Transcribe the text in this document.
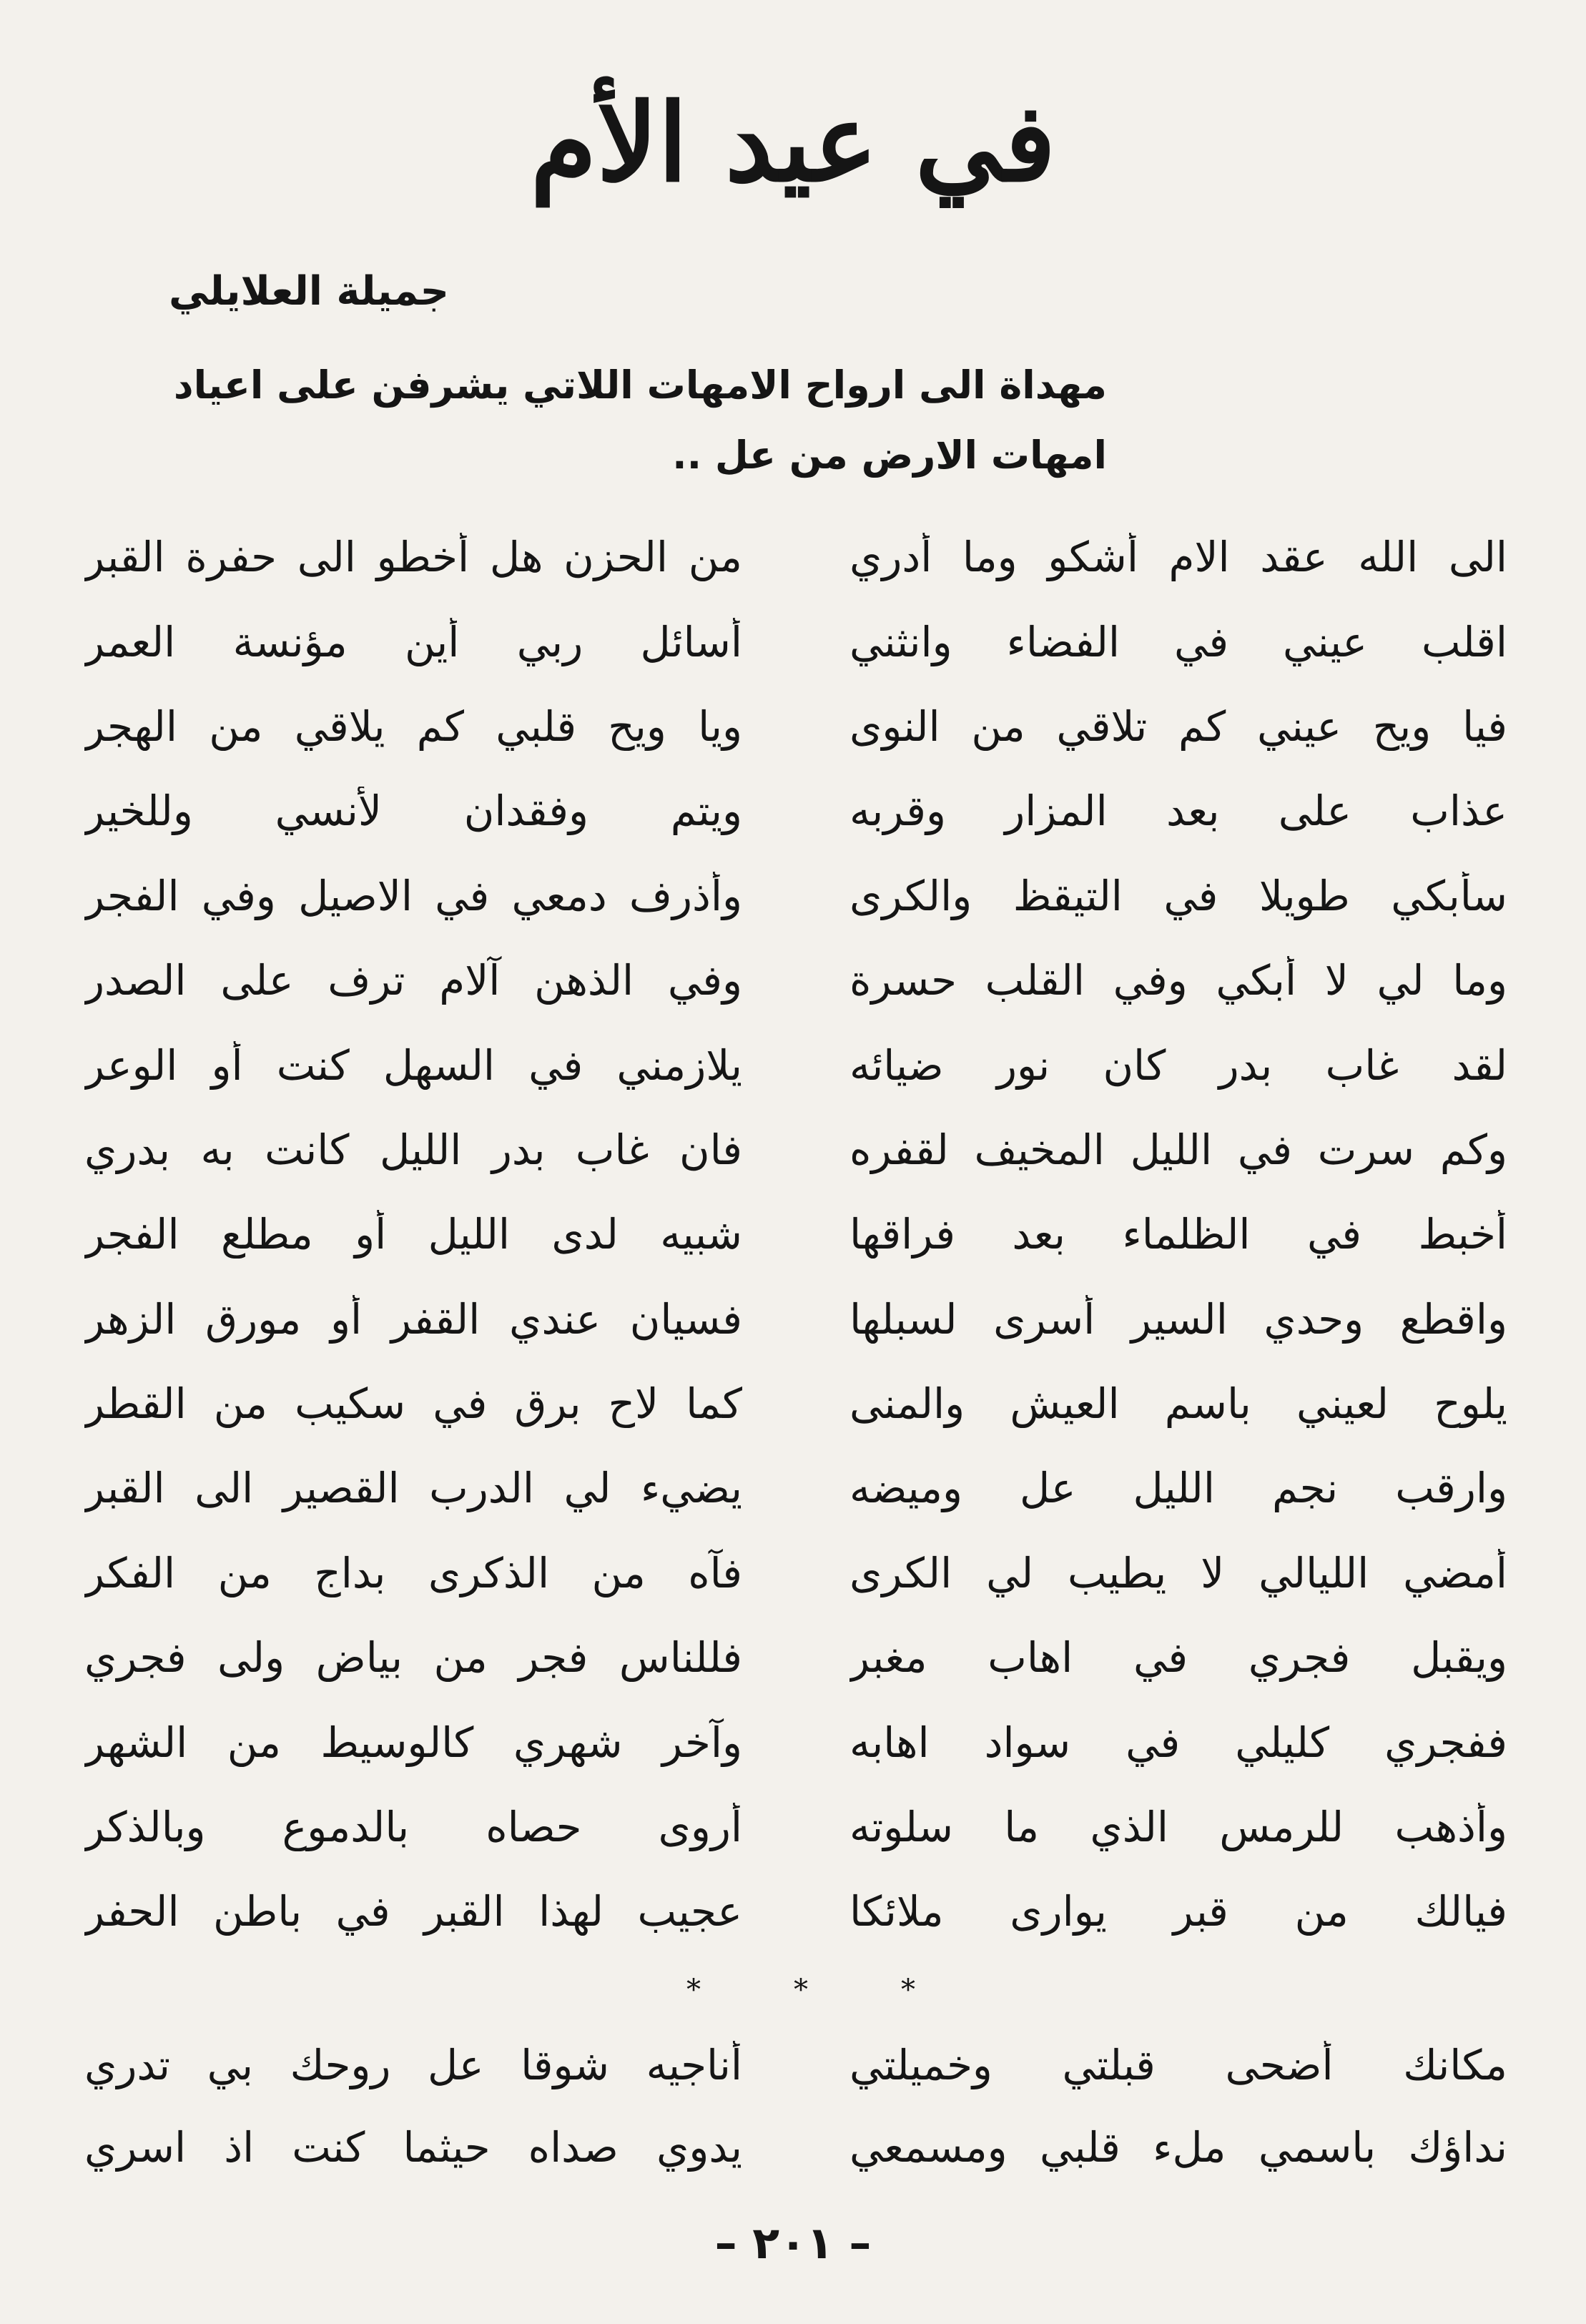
في عيد الأم
جميلة العلايلي
مهداة الى ارواح الامهات اللاتي يشرفن على اعياد امهات الارض من عل ..
الى الله عقد الام أشكو وما أدري
من الحزن هل أخطو الى حفرة القبر
اقلب عيني في الفضاء وانثني
أسائل ربي أين مؤنسة العمر
فيا ويح عيني كم تلاقي من النوى
ويا ويح قلبي كم يلاقي من الهجر
عذاب على بعد المزار وقربه
ويتم وفقدان لأنسي وللخير
سأبكي طويلا في التيقظ والكرى
وأذرف دمعي في الاصيل وفي الفجر
وما لي لا أبكي وفي القلب حسرة
وفي الذهن آلام ترف على الصدر
لقد غاب بدر كان نور ضيائه
يلازمني في السهل كنت أو الوعر
وكم سرت في الليل المخيف لقفره
فان غاب بدر الليل كانت به بدري
أخبط في الظلماء بعد فراقها
شبيه لدى الليل أو مطلع الفجر
واقطع وحدي السير أسرى لسبلها
فسيان عندي القفر أو مورق الزهر
يلوح لعيني باسم العيش والمنى
كما لاح برق في سكيب من القطر
وارقب نجم الليل عل وميضه
يضيء لي الدرب القصير الى القبر
أمضي الليالي لا يطيب لي الكرى
فآه من الذكرى بداج من الفكر
ويقبل فجري في اهاب مغبر
فللناس فجر من بياض ولى فجري
ففجري كليلي في سواد اهابه
وآخر شهري كالوسيط من الشهر
وأذهب للرمس الذي ما سلوته
أروى حصاه بالدموع وبالذكر
فيالك من قبر يوارى ملائكا
عجيب لهذا القبر في باطن الحفر
*	*	*
مكانك أضحى قبلتي وخميلتي
أناجيه شوقا عل روحك بي تدري
نداؤك باسمي ملء قلبي ومسمعي
يدوي صداه حيثما كنت اذ اسري
– ٢٠١ –
